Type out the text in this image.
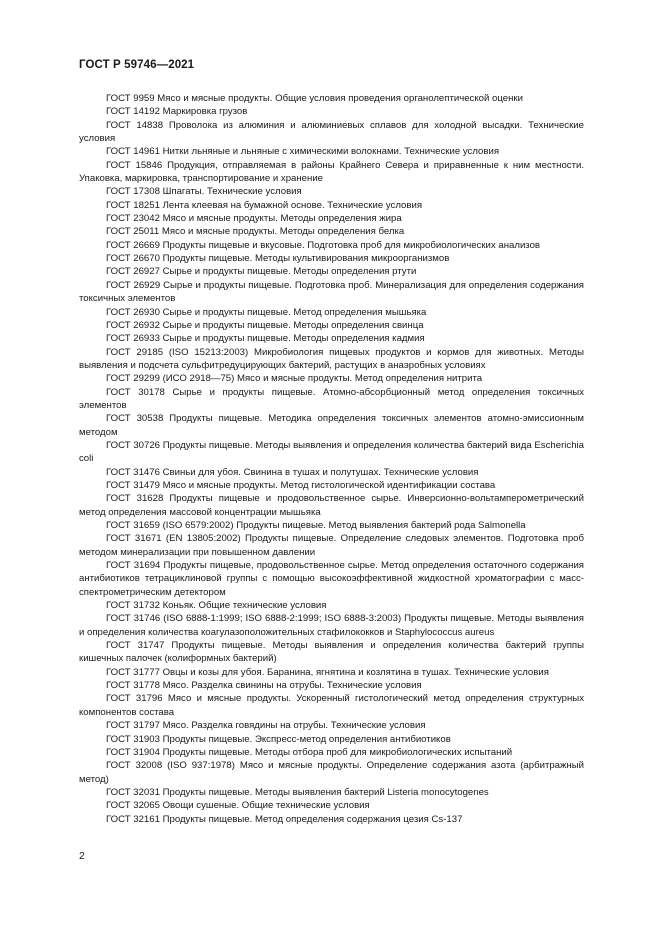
ГОСТ Р 59746—2021

ГОСТ 9959 Мясо и мясные продукты. Общие условия проведения органолептической оценки

ГОСТ 14192 Маркировка грузов

ГОСТ 14838 Проволока из алюминия и алюминиевых сплавов для холодной высадки. Технические условия

ГОСТ 14961 Нитки льняные и льняные с химическими волокнами. Технические условия

ГОСТ 15846 Продукция, отправляемая в районы Крайнего Севера и приравненные к ним местности. Упаковка, маркировка, транспортирование и хранение

ГОСТ 17308 Шпагаты. Технические условия

ГОСТ 18251 Лента клеевая на бумажной основе. Технические условия

ГОСТ 23042 Мясо и мясные продукты. Методы определения жира

ГОСТ 25011 Мясо и мясные продукты. Методы определения белка

ГОСТ 26669 Продукты пищевые и вкусовые. Подготовка проб для микробиологических анализов

ГОСТ 26670 Продукты пищевые. Методы культивирования микроорганизмов

ГОСТ 26927 Сырье и продукты пищевые. Методы определения ртути

ГОСТ 26929 Сырье и продукты пищевые. Подготовка проб. Минерализация для определения содержания токсичных элементов

ГОСТ 26930 Сырье и продукты пищевые. Метод определения мышьяка

ГОСТ 26932 Сырье и продукты пищевые. Методы определения свинца

ГОСТ 26933 Сырье и продукты пищевые. Методы определения кадмия

ГОСТ 29185 (ISO 15213:2003) Микробиология пищевых продуктов и кормов для животных. Методы выявления и подсчета сульфитредуцирующих бактерий, растущих в анаэробных условиях

ГОСТ 29299 (ИСО 2918—75) Мясо и мясные продукты. Метод определения нитрита

ГОСТ 30178 Сырье и продукты пищевые. Атомно-абсорбционный метод определения токсичных элементов

ГОСТ 30538 Продукты пищевые. Методика определения токсичных элементов атомно-эмиссионным методом

ГОСТ 30726 Продукты пищевые. Методы выявления и определения количества бактерий вида Escherichia coli

ГОСТ 31476 Свиньи для убоя. Свинина в тушах и полутушах. Технические условия

ГОСТ 31479 Мясо и мясные продукты. Метод гистологической идентификации состава

ГОСТ 31628 Продукты пищевые и продовольственное сырье. Инверсионно-вольтамперометрический метод определения массовой концентрации мышьяка

ГОСТ 31659 (ISO 6579:2002) Продукты пищевые. Метод выявления бактерий рода Salmonella

ГОСТ 31671 (EN 13805:2002) Продукты пищевые. Определение следовых элементов. Подготовка проб методом минерализации при повышенном давлении

ГОСТ 31694 Продукты пищевые, продовольственное сырье. Метод определения остаточного содержания антибиотиков тетрациклиновой группы с помощью высокоэффективной жидкостной хроматографии с масс-спектрометрическим детектором

ГОСТ 31732 Коньяк. Общие технические условия

ГОСТ 31746 (ISO 6888-1:1999; ISO 6888-2:1999; ISO 6888-3:2003) Продукты пищевые. Методы выявления и определения количества коагулазоположительных стафилококков и Staphylococcus aureus

ГОСТ 31747 Продукты пищевые. Методы выявления и определения количества бактерий группы кишечных палочек (колиформных бактерий)

ГОСТ 31777 Овцы и козы для убоя. Баранина, ягнятина и козлятина в тушах. Технические условия

ГОСТ 31778 Мясо. Разделка свинины на отрубы. Технические условия

ГОСТ 31796 Мясо и мясные продукты. Ускоренный гистологический метод определения структурных компонентов состава

ГОСТ 31797 Мясо. Разделка говядины на отрубы. Технические условия

ГОСТ 31903 Продукты пищевые. Экспресс-метод определения антибиотиков

ГОСТ 31904 Продукты пищевые. Методы отбора проб для микробиологических испытаний

ГОСТ 32008 (ISO 937:1978) Мясо и мясные продукты. Определение содержания азота (арбитражный метод)

ГОСТ 32031 Продукты пищевые. Методы выявления бактерий Listeria monocytogenes

ГОСТ 32065 Овощи сушеные. Общие технические условия

ГОСТ 32161 Продукты пищевые. Метод определения содержания цезия Cs-137

2
